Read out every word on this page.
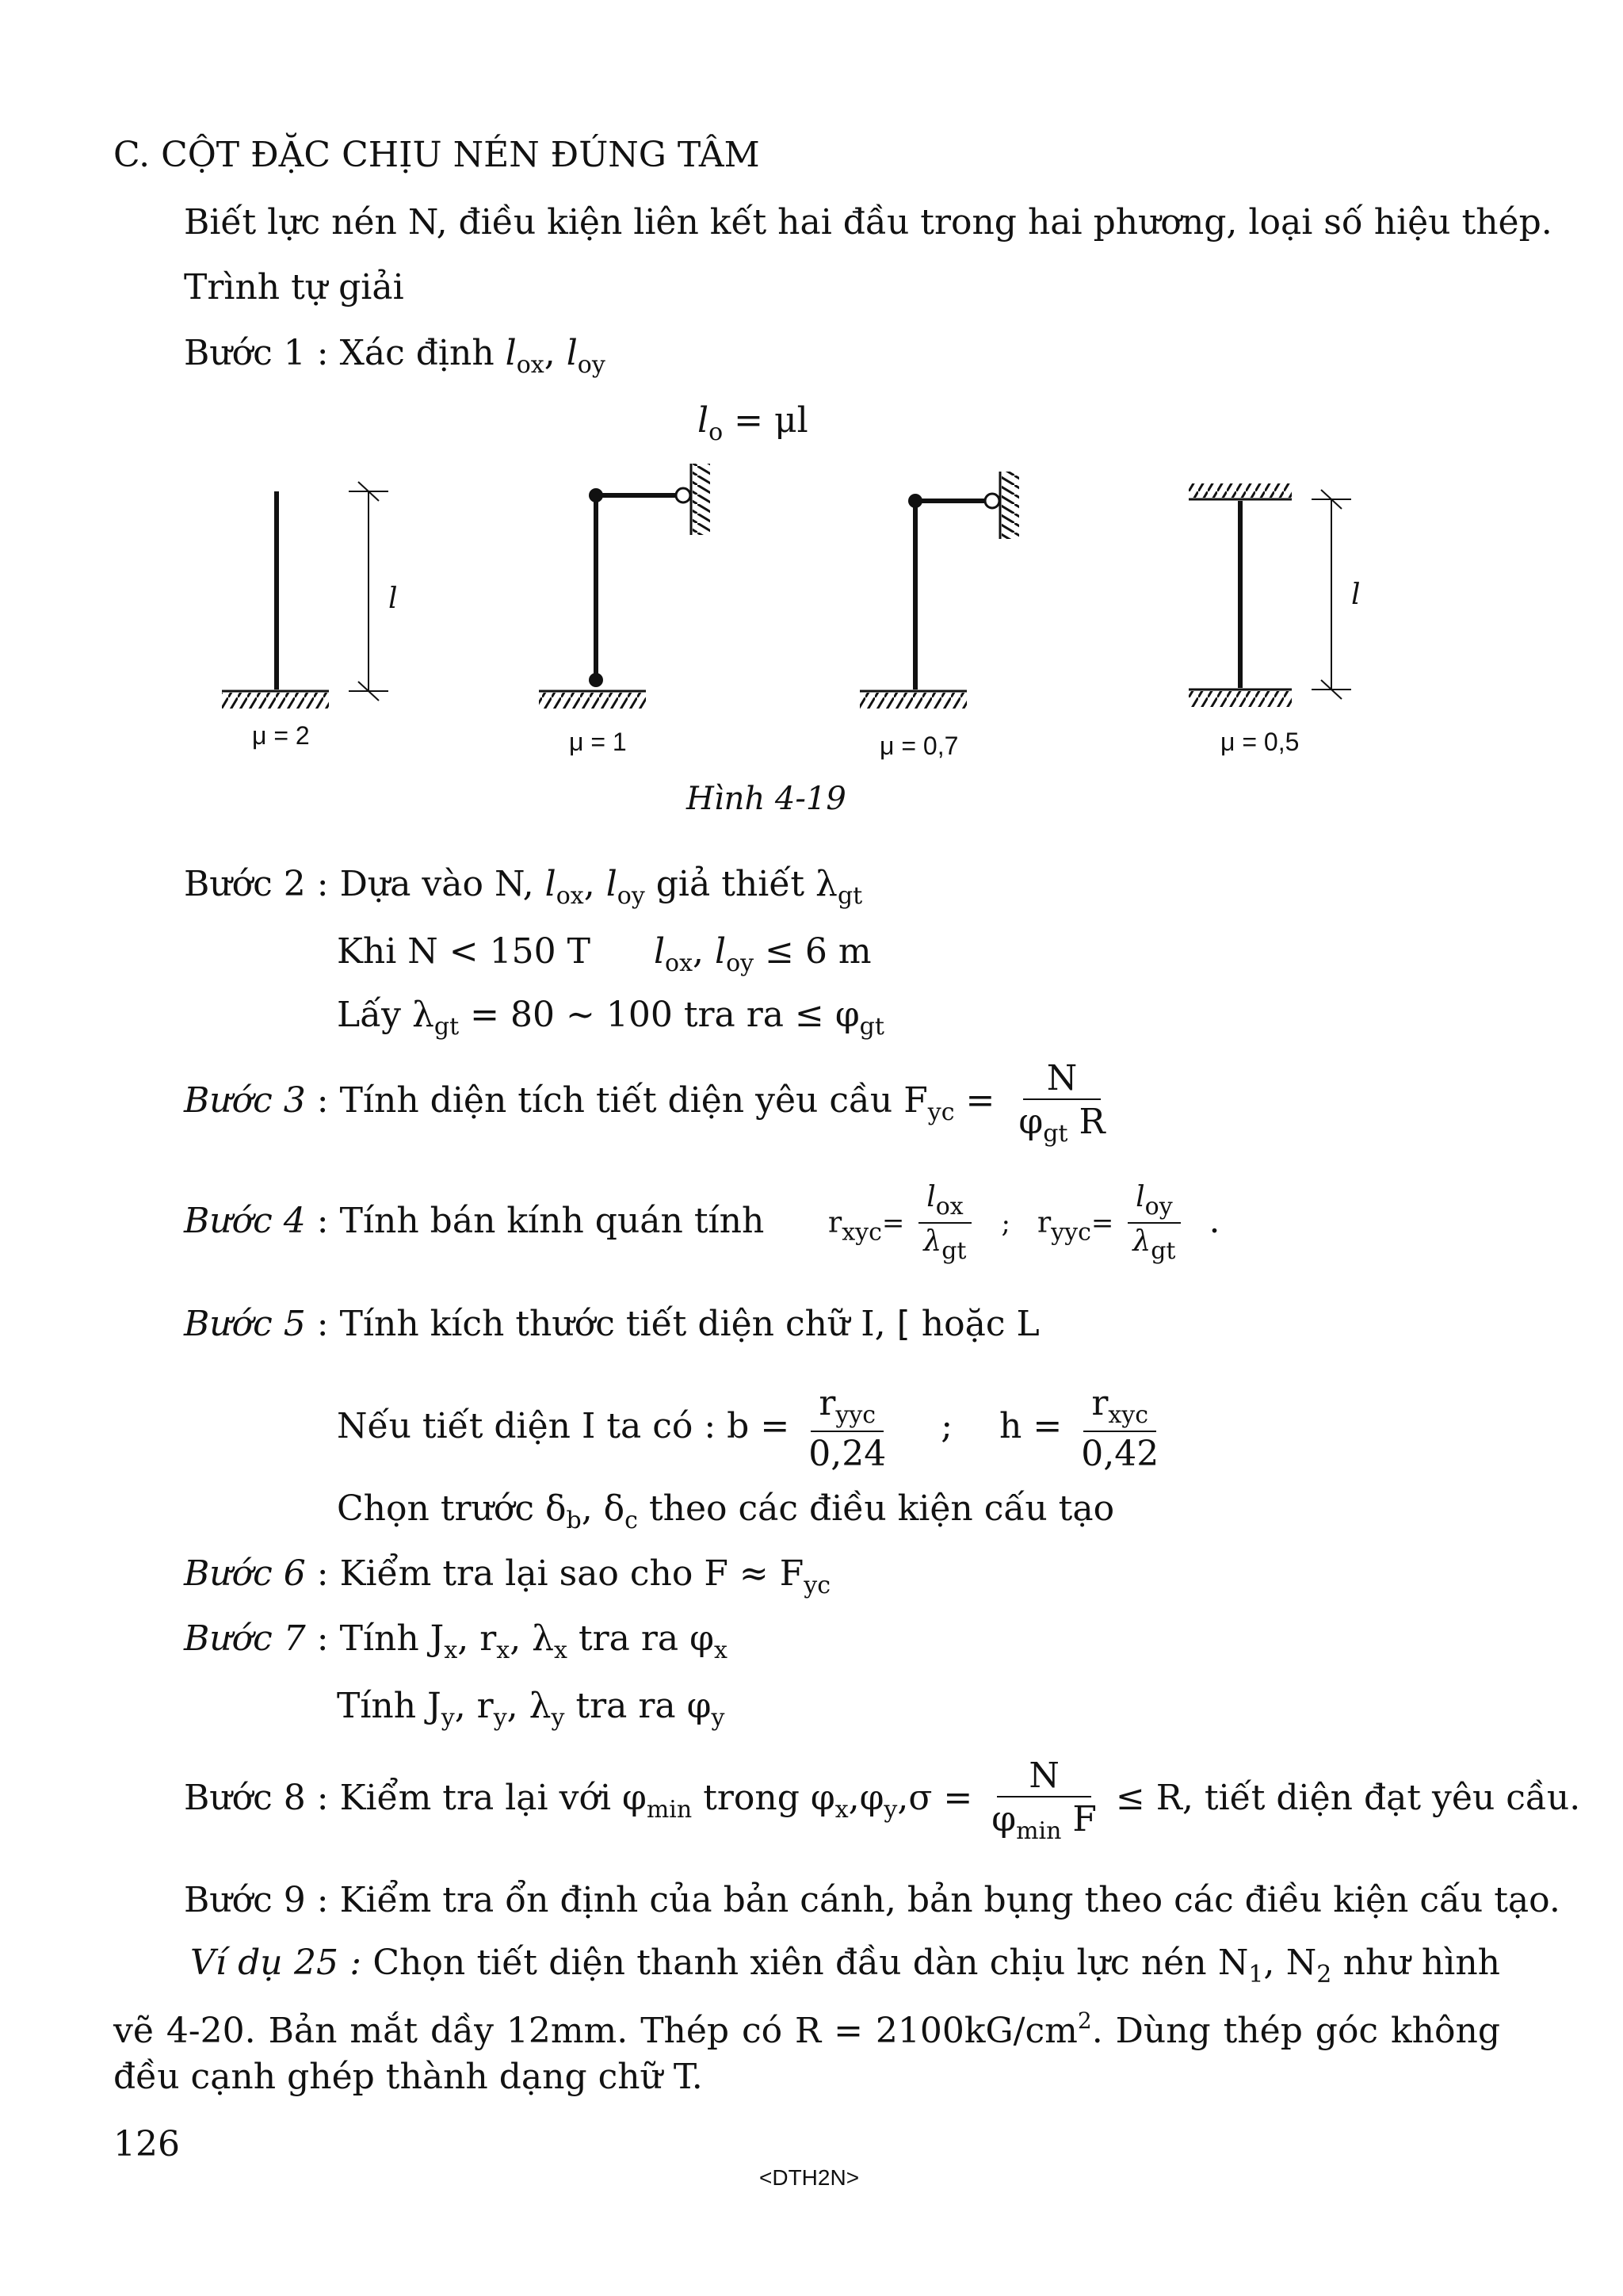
C. CỘT ĐẶC CHỊU NÉN ĐÚNG TÂM
Biết lực nén N, điều kiện liên kết hai đầu trong hai phương, loại số hiệu thép.
Trình tự giải
Bước 1 : Xác định $l_{ox}$, $l_{oy}$
$l_o = \mu l$
l	l
μ = 2	μ = 1	μ = 0,7	μ = 0,5
Hình 4-19
Bước 2 : Dựa vào N, $l_{ox}$, $l_{oy}$ giả thiết $\lambda_{gt}$
Khi N < 150 T $l_{ox}$, $l_{oy} \le 6$ m
Lấy $\lambda_{gt} = 80$ ~ 100 tra ra ≤ $\varphi_{gt}$
Bước 3 : Tính diện tích tiết diện yêu cầu $F_{yc} = \frac{N}{\varphi_{gt} R}$
Bước 4 : Tính bán kính quán tính $r_{xyc}= \frac{l_{ox}}{\lambda_{gt}}$ ; $r_{yyc}= \frac{l_{oy}}{\lambda_{gt}}$ .
Bước 5 : Tính kích thước tiết diện chữ I, [ hoặc L
Nếu tiết diện I ta có : $b = \frac{r_{yyc}}{0,24}$ ; $h = \frac{r_{xyc}}{0,42}$
Chọn trước $\delta_b$, $\delta_c$ theo các điều kiện cấu tạo
Bước 6 : Kiểm tra lại sao cho $F \approx F_{yc}$
Bước 7 : Tính $J_x$, $r_x$, $\lambda_x$ tra ra $\varphi_x$
Tính $J_y$, $r_y$, $\lambda_y$ tra ra $\varphi_y$
Bước 8 : Kiểm tra lại với $\varphi_{min}$ trong $\varphi_x,\varphi_y,\sigma = \frac{N}{\varphi_{min} F} \le R$, tiết diện đạt yêu cầu.
Bước 9 : Kiểm tra ổn định của bản cánh, bản bụng theo các điều kiện cấu tạo.
Ví dụ 25 : Chọn tiết diện thanh xiên đầu dàn chịu lực nén $N_1$, $N_2$ như hình vẽ 4-20. Bản mắt dầy 12mm. Thép có $R = 2100kG/cm^2$. Dùng thép góc không đều cạnh ghép thành dạng chữ T.
126
<DTH2N>
